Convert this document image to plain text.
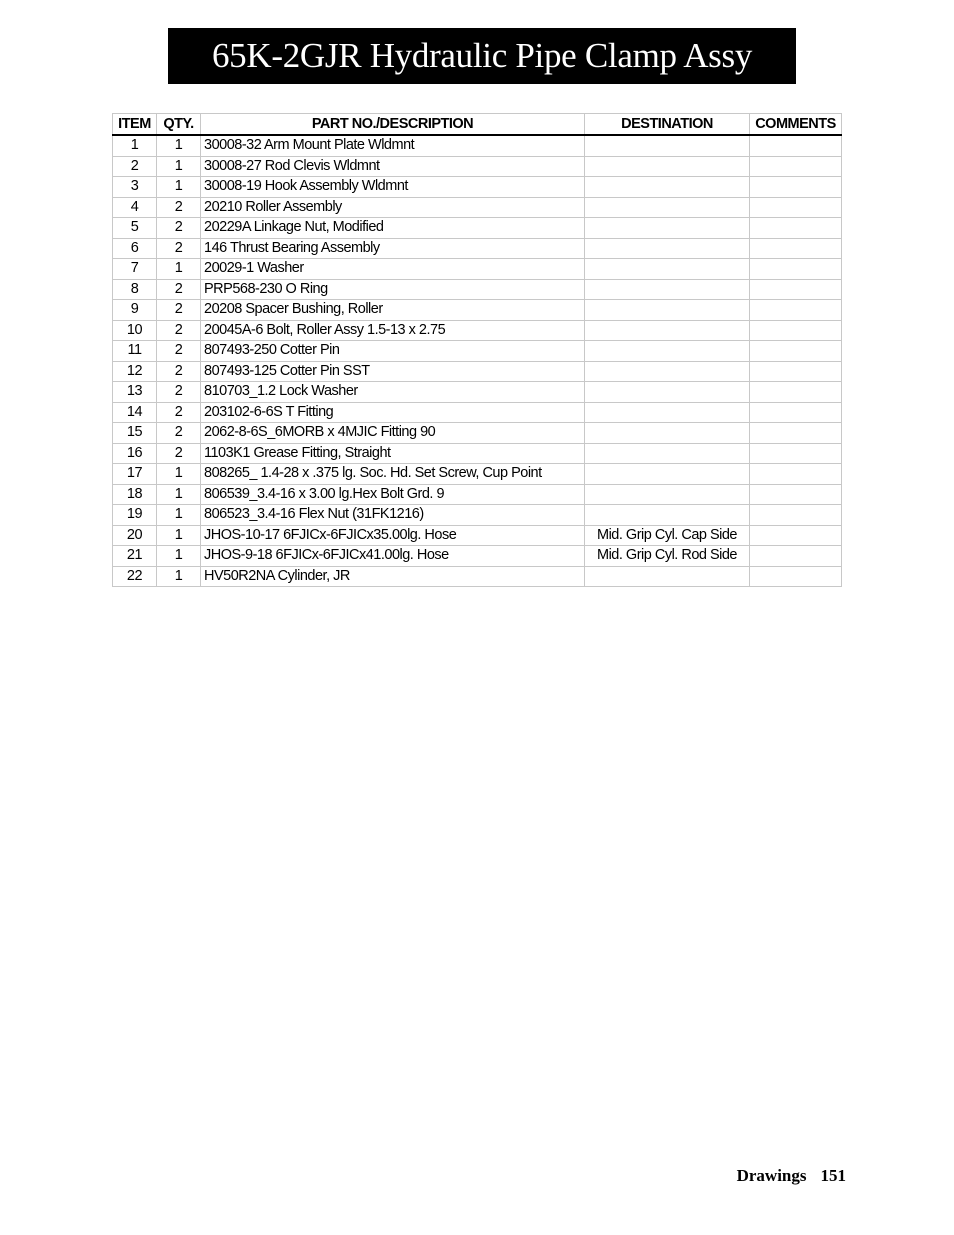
65K-2GJR Hydraulic Pipe Clamp Assy
ITEM	QTY.	PART NO./DESCRIPTION	DESTINATION	COMMENTS
1	1	30008-32 Arm Mount Plate Wldmnt		
2	1	30008-27 Rod Clevis Wldmnt		
3	1	30008-19 Hook Assembly Wldmnt		
4	2	20210 Roller Assembly		
5	2	20229A Linkage Nut, Modified		
6	2	146 Thrust Bearing Assembly		
7	1	20029-1 Washer		
8	2	PRP568-230 O Ring		
9	2	20208 Spacer Bushing, Roller		
10	2	20045A-6 Bolt, Roller Assy 1.5-13 x 2.75		
11	2	807493-250 Cotter Pin		
12	2	807493-125 Cotter Pin SST		
13	2	810703_1.2 Lock Washer		
14	2	203102-6-6S T Fitting		
15	2	2062-8-6S_6MORB x 4MJIC Fitting 90		
16	2	1103K1 Grease Fitting, Straight		
17	1	808265_ 1.4-28 x .375 lg. Soc. Hd. Set Screw, Cup Point		
18	1	806539_3.4-16 x 3.00 lg.Hex Bolt Grd. 9		
19	1	806523_3.4-16 Flex Nut (31FK1216)		
20	1	JHOS-10-17 6FJICx-6FJICx35.00lg. Hose	Mid. Grip Cyl. Cap Side	
21	1	JHOS-9-18 6FJICx-6FJICx41.00lg. Hose	Mid. Grip Cyl. Rod Side	
22	1	HV50R2NA Cylinder, JR		
Drawings 151
